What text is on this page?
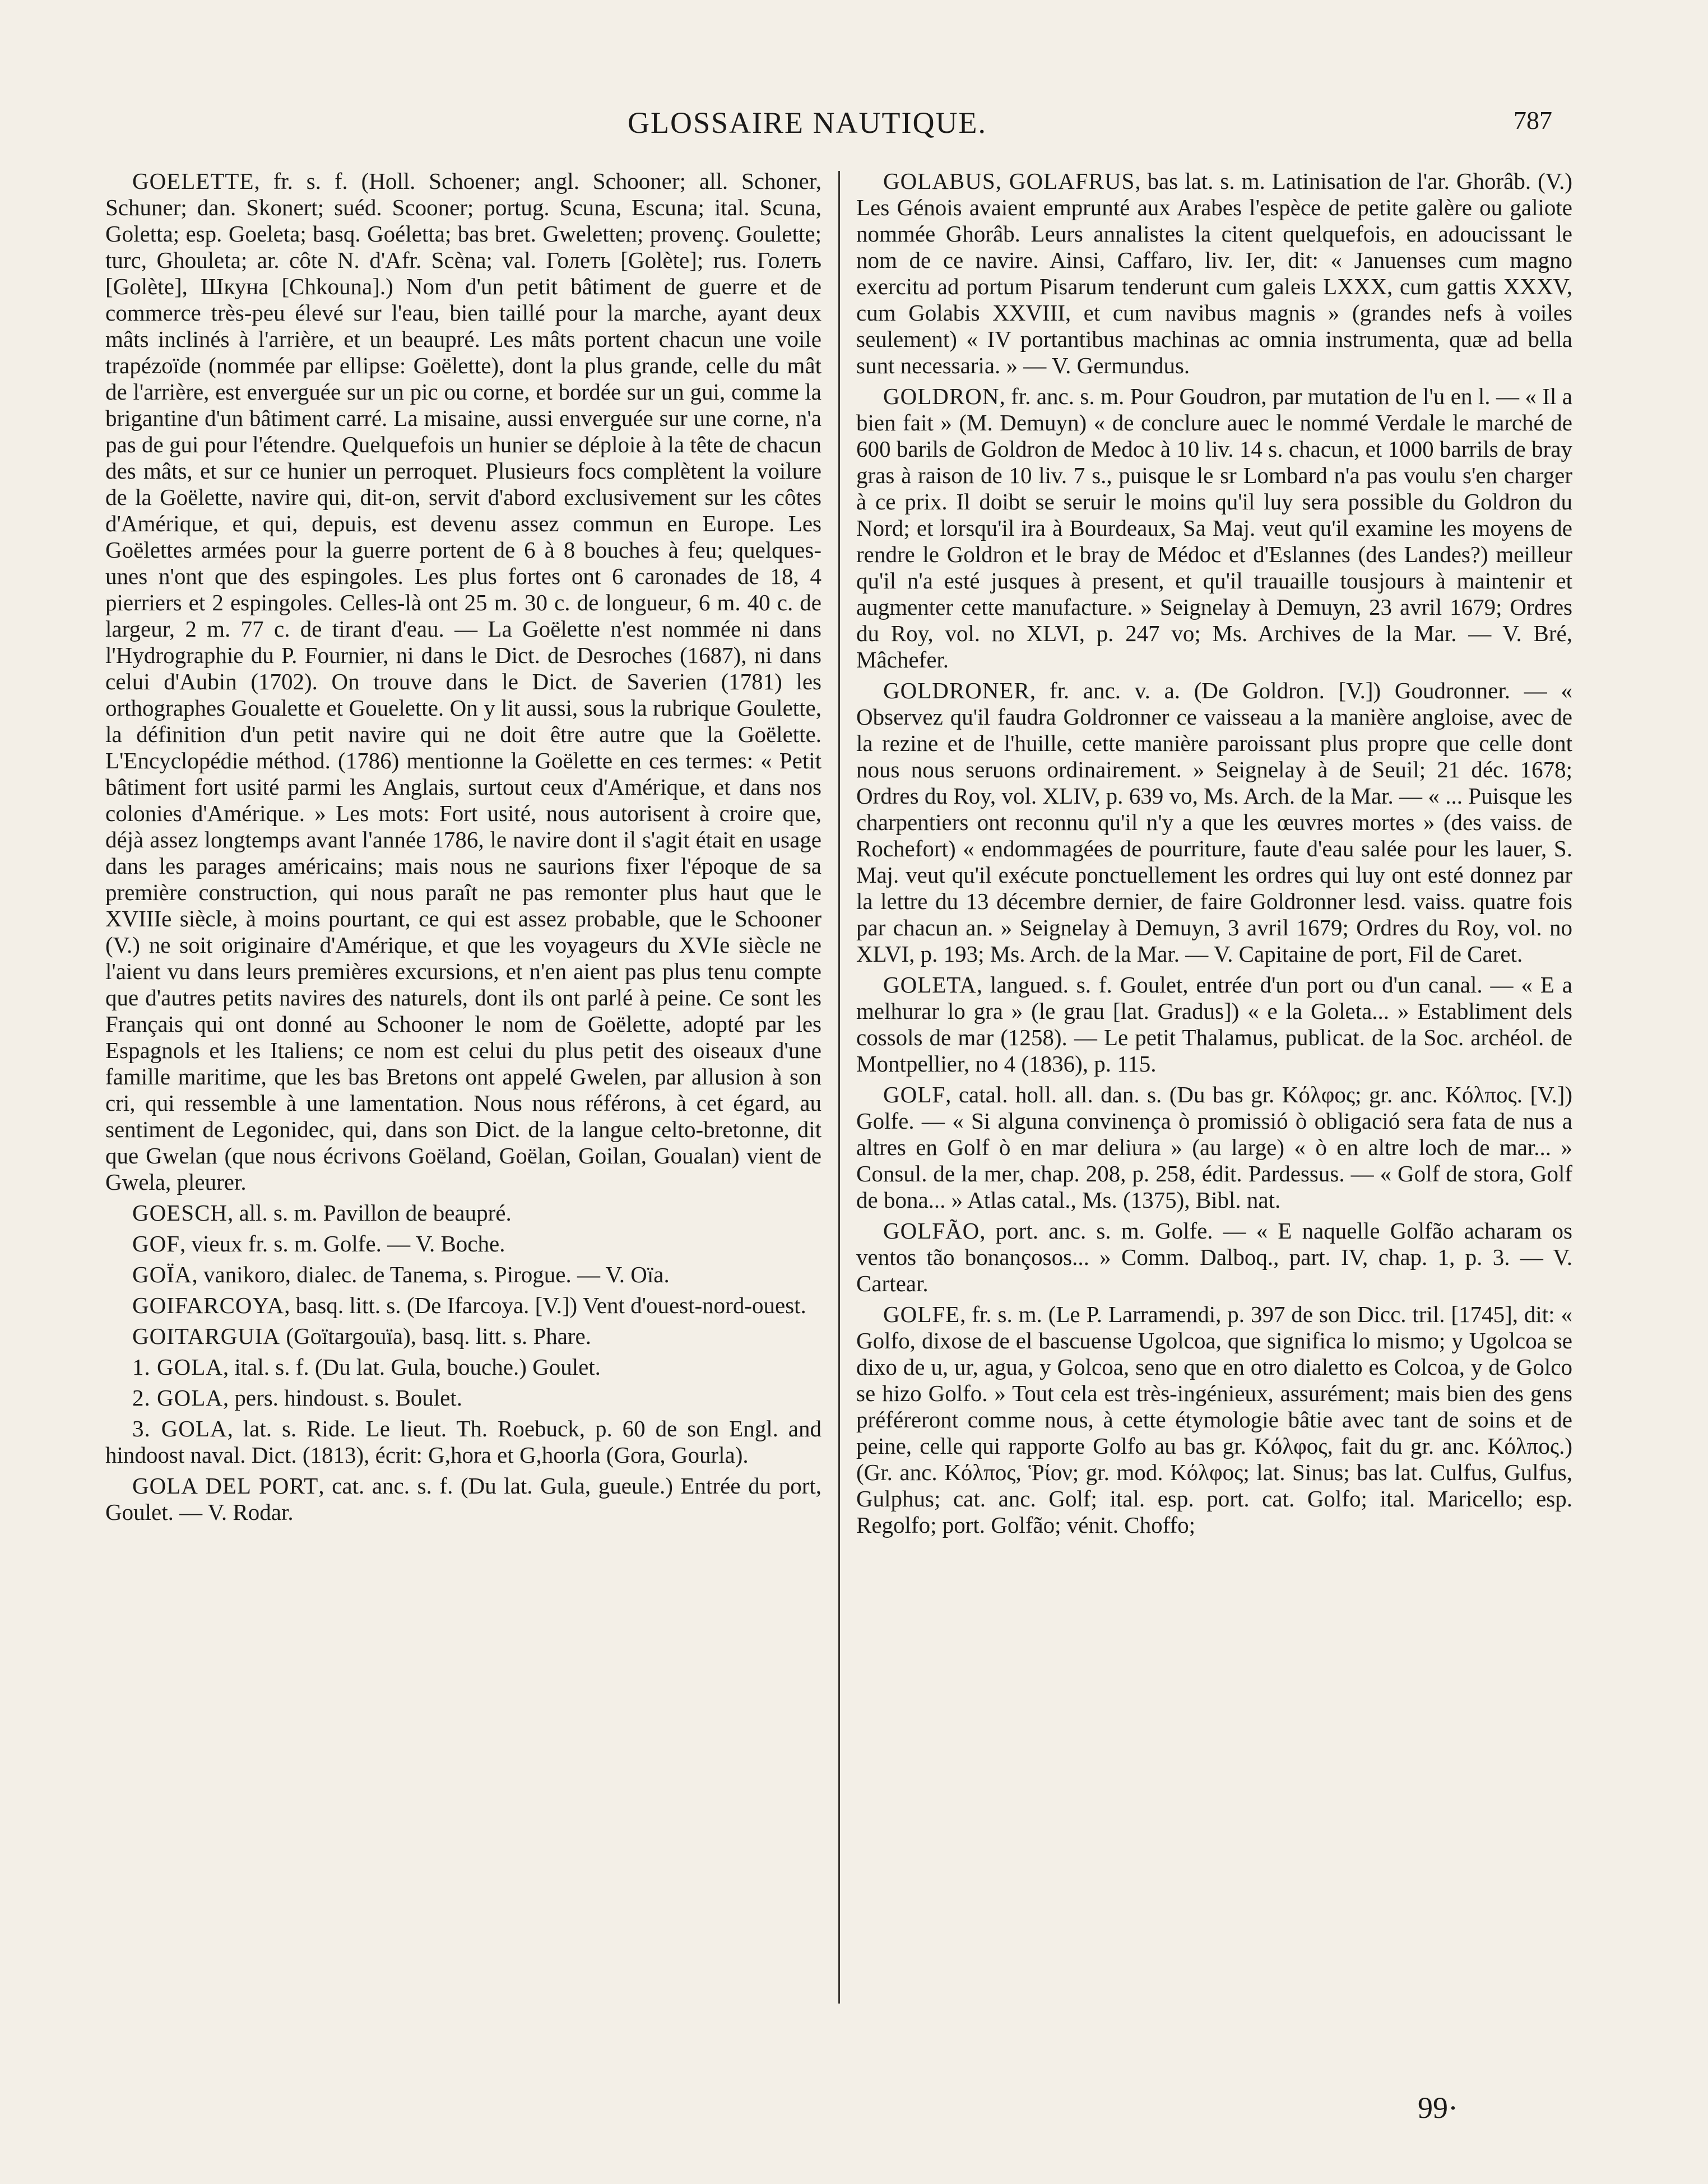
GLOSSAIRE NAUTIQUE.	787

GOELETTE, fr. s. f. (Holl. Schoener; angl. Schooner; all. Schoner, Schuner; dan. Skonert; suéd. Scooner; portug. Scuna, Escuna; ital. Scuna, Goletta; esp. Goeleta; basq. Goéletta; bas bret. Gweletten; provenç. Goulette; turc, Ghouleta; ar. côte N. d'Afr. Scèna; val. Голеть [Golète]; rus. Голеть [Golète], Шкуна [Chkouna].) Nom d'un petit bâtiment de guerre et de commerce très-peu élevé sur l'eau, bien taillé pour la marche, ayant deux mâts inclinés à l'arrière, et un beaupré. Les mâts portent chacun une voile trapézoïde (nommée par ellipse: Goëlette), dont la plus grande, celle du mât de l'arrière, est enverguée sur un pic ou corne, et bordée sur un gui, comme la brigantine d'un bâtiment carré. La misaine, aussi enverguée sur une corne, n'a pas de gui pour l'étendre. Quelquefois un hunier se déploie à la tête de chacun des mâts, et sur ce hunier un perroquet. Plusieurs focs complètent la voilure de la Goëlette, navire qui, dit-on, servit d'abord exclusivement sur les côtes d'Amérique, et qui, depuis, est devenu assez commun en Europe. Les Goëlettes armées pour la guerre portent de 6 à 8 bouches à feu; quelques-unes n'ont que des espingoles. Les plus fortes ont 6 caronades de 18, 4 pierriers et 2 espingoles. Celles-là ont 25 m. 30 c. de longueur, 6 m. 40 c. de largeur, 2 m. 77 c. de tirant d'eau. — La Goëlette n'est nommée ni dans l'Hydrographie du P. Fournier, ni dans le Dict. de Desroches (1687), ni dans celui d'Aubin (1702). On trouve dans le Dict. de Saverien (1781) les orthographes Goualette et Gouelette. On y lit aussi, sous la rubrique Goulette, la définition d'un petit navire qui ne doit être autre que la Goëlette. L'Encyclopédie méthod. (1786) mentionne la Goëlette en ces termes: « Petit bâtiment fort usité parmi les Anglais, surtout ceux d'Amérique, et dans nos colonies d'Amérique. » Les mots: Fort usité, nous autorisent à croire que, déjà assez longtemps avant l'année 1786, le navire dont il s'agit était en usage dans les parages américains; mais nous ne saurions fixer l'époque de sa première construction, qui nous paraît ne pas remonter plus haut que le XVIIIe siècle, à moins pourtant, ce qui est assez probable, que le Schooner (V.) ne soit originaire d'Amérique, et que les voyageurs du XVIe siècle ne l'aient vu dans leurs premières excursions, et n'en aient pas plus tenu compte que d'autres petits navires des naturels, dont ils ont parlé à peine. Ce sont les Français qui ont donné au Schooner le nom de Goëlette, adopté par les Espagnols et les Italiens; ce nom est celui du plus petit des oiseaux d'une famille maritime, que les bas Bretons ont appelé Gwelen, par allusion à son cri, qui ressemble à une lamentation. Nous nous référons, à cet égard, au sentiment de Legonidec, qui, dans son Dict. de la langue celto-bretonne, dit que Gwelan (que nous écrivons Goëland, Goëlan, Goilan, Goualan) vient de Gwela, pleurer.

GOESCH, all. s. m. Pavillon de beaupré.

GOF, vieux fr. s. m. Golfe. — V. Boche.

GOÏA, vanikoro, dialec. de Tanema, s. Pirogue. — V. Oïa.

GOIFARCOYA, basq. litt. s. (De Ifarcoya. [V.]) Vent d'ouest-nord-ouest.

GOITARGUIA (Goïtargouïa), basq. litt. s. Phare.

1. GOLA, ital. s. f. (Du lat. Gula, bouche.) Goulet.

2. GOLA, pers. hindoust. s. Boulet.

3. GOLA, lat. s. Ride. Le lieut. Th. Roebuck, p. 60 de son Engl. and hindoost naval. Dict. (1813), écrit: G,hora et G,hoorla (Gora, Gourla).

GOLA DEL PORT, cat. anc. s. f. (Du lat. Gula, gueule.) Entrée du port, Goulet. — V. Rodar.

GOLABUS, GOLAFRUS, bas lat. s. m. Latinisation de l'ar. Ghorâb. (V.) Les Génois avaient emprunté aux Arabes l'espèce de petite galère ou galiote nommée Ghorâb. Leurs annalistes la citent quelquefois, en adoucissant le nom de ce navire. Ainsi, Caffaro, liv. Ier, dit: « Januenses cum magno exercitu ad portum Pisarum tenderunt cum galeis LXXX, cum gattis XXXV, cum Golabis XXVIII, et cum navibus magnis » (grandes nefs à voiles seulement) « IV portantibus machinas ac omnia instrumenta, quæ ad bella sunt necessaria. » — V. Germundus.

GOLDRON, fr. anc. s. m. Pour Goudron, par mutation de l'u en l. — « Il a bien fait » (M. Demuyn) « de conclure auec le nommé Verdale le marché de 600 barils de Goldron de Medoc à 10 liv. 14 s. chacun, et 1000 barrils de bray gras à raison de 10 liv. 7 s., puisque le sr Lombard n'a pas voulu s'en charger à ce prix. Il doibt se seruir le moins qu'il luy sera possible du Goldron du Nord; et lorsqu'il ira à Bourdeaux, Sa Maj. veut qu'il examine les moyens de rendre le Goldron et le bray de Médoc et d'Eslannes (des Landes?) meilleur qu'il n'a esté jusques à present, et qu'il trauaille tousjours à maintenir et augmenter cette manufacture. » Seignelay à Demuyn, 23 avril 1679; Ordres du Roy, vol. no XLVI, p. 247 vo; Ms. Archives de la Mar. — V. Bré, Mâchefer.

GOLDRONER, fr. anc. v. a. (De Goldron. [V.]) Goudronner. — « Observez qu'il faudra Goldronner ce vaisseau a la manière angloise, avec de la rezine et de l'huille, cette manière paroissant plus propre que celle dont nous nous seruons ordinairement. » Seignelay à de Seuil; 21 déc. 1678; Ordres du Roy, vol. XLIV, p. 639 vo, Ms. Arch. de la Mar. — « ... Puisque les charpentiers ont reconnu qu'il n'y a que les œuvres mortes » (des vaiss. de Rochefort) « endommagées de pourriture, faute d'eau salée pour les lauer, S. Maj. veut qu'il exécute ponctuellement les ordres qui luy ont esté donnez par la lettre du 13 décembre dernier, de faire Goldronner lesd. vaiss. quatre fois par chacun an. » Seignelay à Demuyn, 3 avril 1679; Ordres du Roy, vol. no XLVI, p. 193; Ms. Arch. de la Mar. — V. Capitaine de port, Fil de Caret.

GOLETA, langued. s. f. Goulet, entrée d'un port ou d'un canal. — « E a melhurar lo gra » (le grau [lat. Gradus]) « e la Goleta... » Establiment dels cossols de mar (1258). — Le petit Thalamus, publicat. de la Soc. archéol. de Montpellier, no 4 (1836), p. 115.

GOLF, catal. holl. all. dan. s. (Du bas gr. Κόλφος; gr. anc. Κόλπος. [V.]) Golfe. — « Si alguna convinença ò promissió ò obligació sera fata de nus a altres en Golf ò en mar deliura » (au large) « ò en altre loch de mar... » Consul. de la mer, chap. 208, p. 258, édit. Pardessus. — « Golf de stora, Golf de bona... » Atlas catal., Ms. (1375), Bibl. nat.

GOLFÃO, port. anc. s. m. Golfe. — « E naquelle Golfão acharam os ventos tão bonançosos... » Comm. Dalboq., part. IV, chap. 1, p. 3. — V. Cartear.

GOLFE, fr. s. m. (Le P. Larramendi, p. 397 de son Dicc. tril. [1745], dit: « Golfo, dixose de el bascuense Ugolcoa, que significa lo mismo; y Ugolcoa se dixo de u, ur, agua, y Golcoa, seno que en otro dialetto es Colcoa, y de Golco se hizo Golfo. » Tout cela est très-ingénieux, assurément; mais bien des gens préféreront comme nous, à cette étymologie bâtie avec tant de soins et de peine, celle qui rapporte Golfo au bas gr. Κόλφος, fait du gr. anc. Κόλπος.) (Gr. anc. Κόλπος, Ῥίον; gr. mod. Κόλφος; lat. Sinus; bas lat. Culfus, Gulfus, Gulphus; cat. anc. Golf; ital. esp. port. cat. Golfo; ital. Maricello; esp. Regolfo; port. Golfão; vénit. Choffo;

99·
